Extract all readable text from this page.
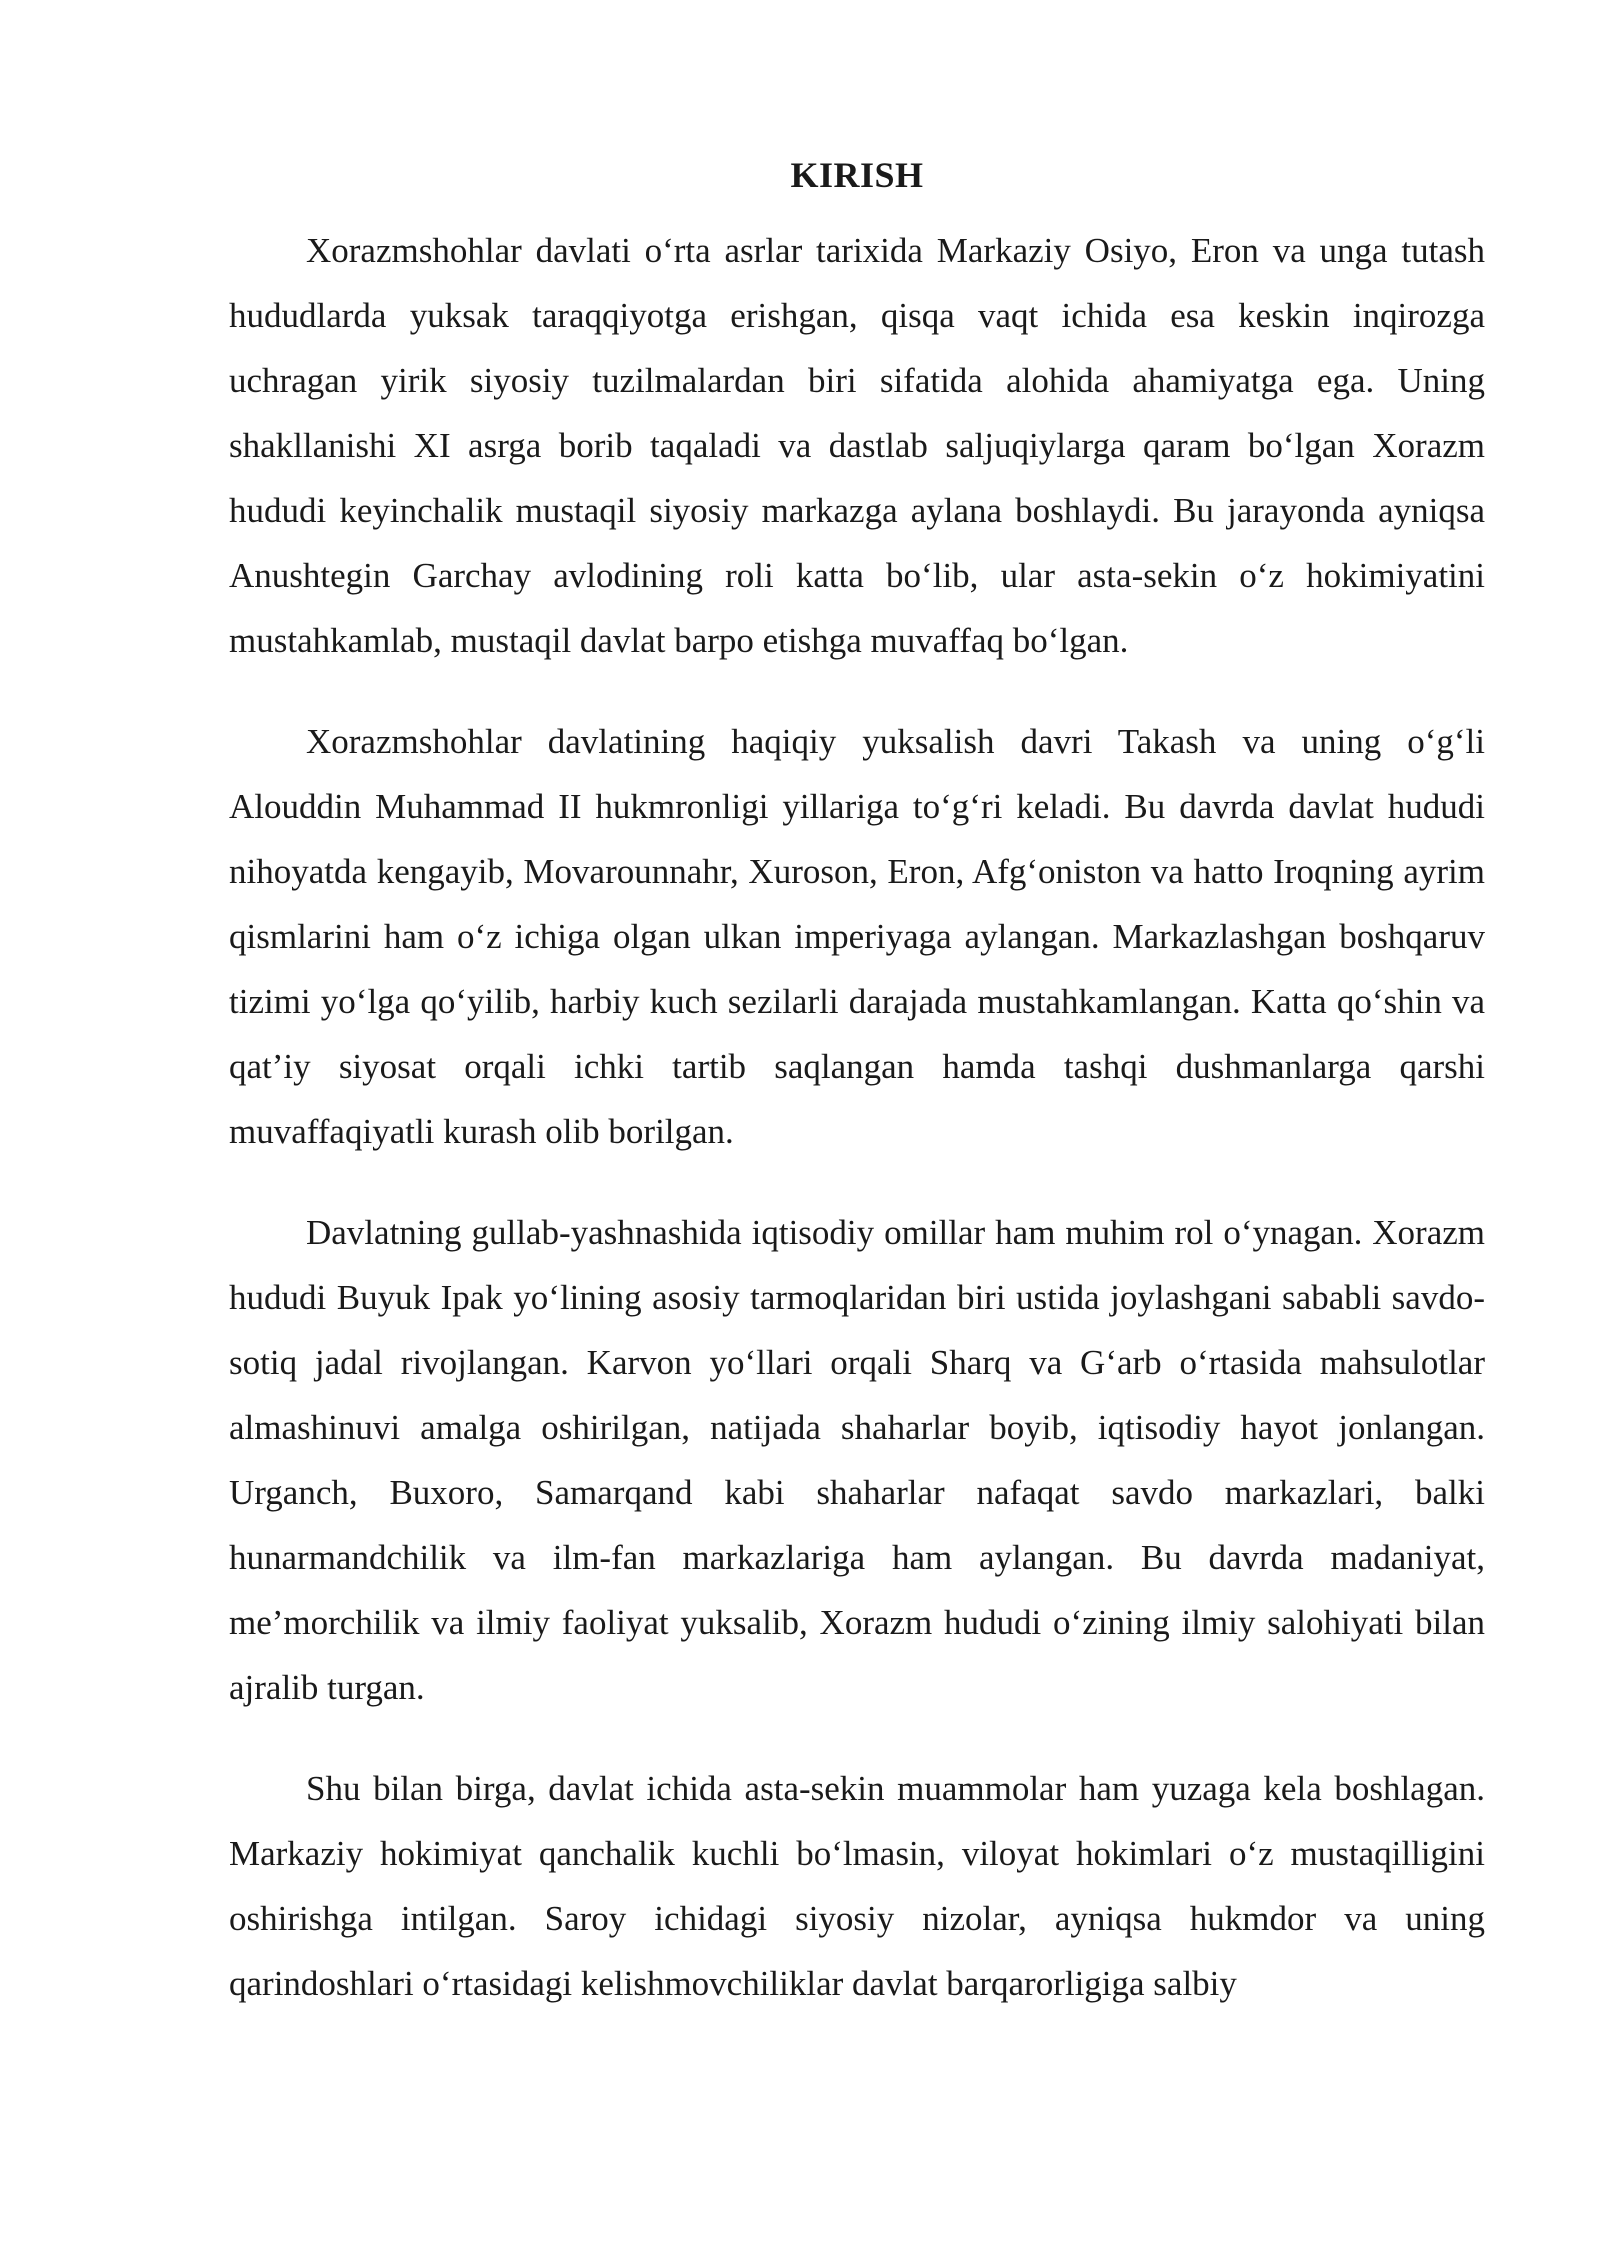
KIRISH

Xorazmshohlar davlati o‘rta asrlar tarixida Markaziy Osiyo, Eron va unga tutash hududlarda yuksak taraqqiyotga erishgan, qisqa vaqt ichida esa keskin inqirozga uchragan yirik siyosiy tuzilmalardan biri sifatida alohida ahamiyatga ega. Uning shakllanishi XI asrga borib taqaladi va dastlab saljuqiylarga qaram bo‘lgan Xorazm hududi keyinchalik mustaqil siyosiy markazga aylana boshlaydi. Bu jarayonda ayniqsa Anushtegin Garchay avlodining roli katta bo‘lib, ular asta-sekin o‘z hokimiyatini mustahkamlab, mustaqil davlat barpo etishga muvaffaq bo‘lgan.

Xorazmshohlar davlatining haqiqiy yuksalish davri Takash va uning o‘g‘li Alouddin Muhammad II hukmronligi yillariga to‘g‘ri keladi. Bu davrda davlat hududi nihoyatda kengayib, Movarounnahr, Xuroson, Eron, Afg‘oniston va hatto Iroqning ayrim qismlarini ham o‘z ichiga olgan ulkan imperiyaga aylangan. Markazlashgan boshqaruv tizimi yo‘lga qo‘yilib, harbiy kuch sezilarli darajada mustahkamlangan. Katta qo‘shin va qat’iy siyosat orqali ichki tartib saqlangan hamda tashqi dushmanlarga qarshi muvaffaqiyatli kurash olib borilgan.

Davlatning gullab-yashnashida iqtisodiy omillar ham muhim rol o‘ynagan. Xorazm hududi Buyuk Ipak yo‘lining asosiy tarmoqlaridan biri ustida joylashgani sababli savdo-sotiq jadal rivojlangan. Karvon yo‘llari orqali Sharq va G‘arb o‘rtasida mahsulotlar almashinuvi amalga oshirilgan, natijada shaharlar boyib, iqtisodiy hayot jonlangan. Urganch, Buxoro, Samarqand kabi shaharlar nafaqat savdo markazlari, balki hunarmandchilik va ilm-fan markazlariga ham aylangan. Bu davrda madaniyat, me’morchilik va ilmiy faoliyat yuksalib, Xorazm hududi o‘zining ilmiy salohiyati bilan ajralib turgan.

Shu bilan birga, davlat ichida asta-sekin muammolar ham yuzaga kela boshlagan. Markaziy hokimiyat qanchalik kuchli bo‘lmasin, viloyat hokimlari o‘z mustaqilligini oshirishga intilgan. Saroy ichidagi siyosiy nizolar, ayniqsa hukmdor va uning qarindoshlari o‘rtasidagi kelishmovchiliklar davlat barqarorligiga salbiy
